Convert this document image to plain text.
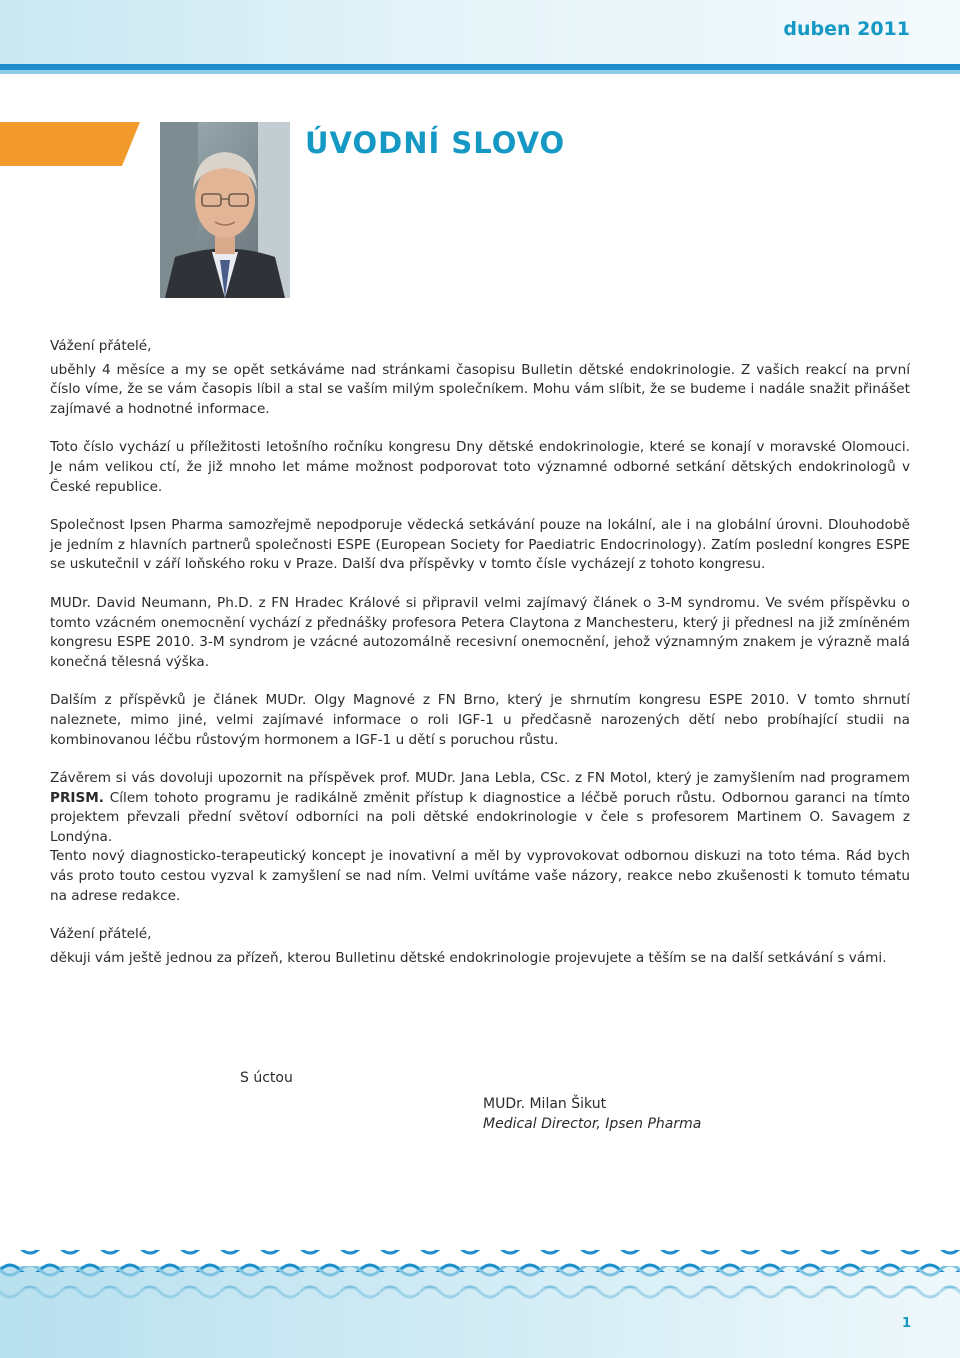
duben 2011
ÚVODNÍ SLOVO

Vážení přátelé,

uběhly 4 měsíce a my se opět setkáváme nad stránkami časopisu Bulletin dětské endokrinologie. Z vašich reakcí na první číslo víme, že se vám časopis líbil a stal se vaším milým společníkem. Mohu vám slíbit, že se budeme i nadále snažit přinášet zajímavé a hodnotné informace.

Toto číslo vychází u příležitosti letošního ročníku kongresu Dny dětské endokrinologie, které se konají v moravské Olomouci. Je nám velikou ctí, že již mnoho let máme možnost podporovat toto významné odborné setkání dětských endokrinologů v České republice.

Společnost Ipsen Pharma samozřejmě nepodporuje vědecká setkávání pouze na lokální, ale i na globální úrovni. Dlouhodobě je jedním z hlavních partnerů společnosti ESPE (European Society for Paediatric Endocrinology). Zatím poslední kongres ESPE se uskutečnil v září loňského roku v Praze. Další dva příspěvky v tomto čísle vycházejí z tohoto kongresu.

MUDr. David Neumann, Ph.D. z FN Hradec Králové si připravil velmi zajímavý článek o 3-M syndromu. Ve svém příspěvku o tomto vzácném onemocnění vychází z přednášky profesora Petera Claytona z Manchesteru, který ji přednesl na již zmíněném kongresu ESPE 2010. 3-M syndrom je vzácné autozomálně recesivní onemocnění, jehož významným znakem je výrazně malá konečná tělesná výška.

Dalším z příspěvků je článek MUDr. Olgy Magnové z FN Brno, který je shrnutím kongresu ESPE 2010. V tomto shrnutí naleznete, mimo jiné, velmi zajímavé informace o roli IGF-1 u předčasně narozených dětí nebo probíhající studii na kombinovanou léčbu růstovým hormonem a IGF-1 u dětí s poruchou růstu.

Závěrem si vás dovoluji upozornit na příspěvek prof. MUDr. Jana Lebla, CSc. z FN Motol, který je zamyšlením nad programem PRISM. Cílem tohoto programu je radikálně změnit přístup k diagnostice a léčbě poruch růstu. Odbornou garanci na tímto projektem převzali přední světoví odborníci na poli dětské endokrinologie v čele s profesorem Martinem O. Savagem z Londýna.

Tento nový diagnosticko-terapeutický koncept je inovativní a měl by vyprovokovat odbornou diskuzi na toto téma. Rád bych vás proto touto cestou vyzval k zamyšlení se nad ním. Velmi uvítáme vaše názory, reakce nebo zkušenosti k tomuto tématu na adrese redakce.

Vážení přátelé,

děkuji vám ještě jednou za přízeň, kterou Bulletinu dětské endokrinologie projevujete a těším se na další setkávání s vámi.

S úctou
MUDr. Milan Šikut
Medical Director, Ipsen Pharma
1
